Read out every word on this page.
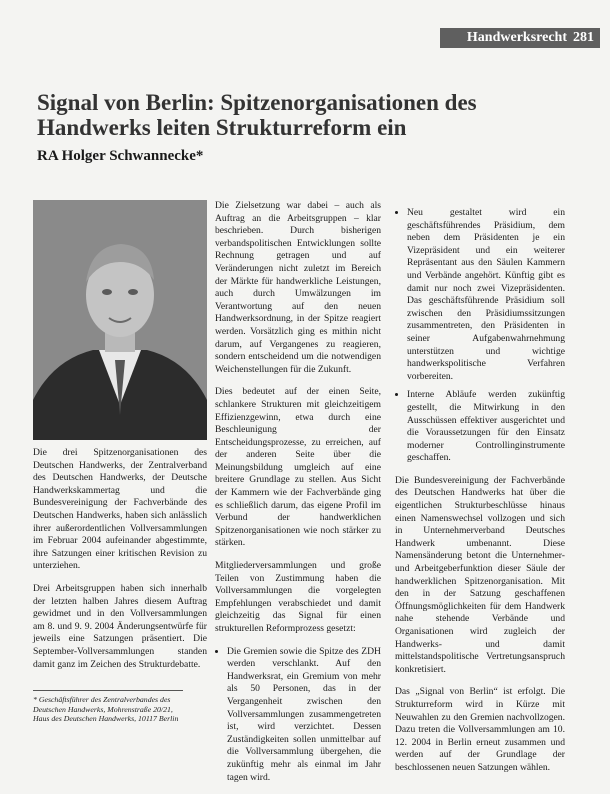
Handwerksrecht 281
Signal von Berlin: Spitzenorganisationen des Handwerks leiten Strukturreform ein
RA Holger Schwannecke*

Die drei Spitzenorganisationen des Deutschen Handwerks, der Zentralverband des Deutschen Handwerks, der Deutsche Handwerkskammertag und die Bundesvereinigung der Fachverbände des Deutschen Handwerks, haben sich anlässlich ihrer außerordentlichen Vollversammlungen im Februar 2004 aufeinander abgestimmte, ihre Satzungen einer kritischen Revision zu unterziehen.

Drei Arbeitsgruppen haben sich innerhalb der letzten halben Jahres diesem Auftrag gewidmet und in den Vollversammlungen am 8. und 9. 9. 2004 Änderungsentwürfe für jeweils eine Satzungen präsentiert. Die September-Vollversammlungen standen damit ganz im Zeichen des Strukturdebatte.

Die Zielsetzung war dabei – auch als Auftrag an die Arbeitsgruppen – klar beschrieben. Durch bisherigen verbandspolitischen Entwicklungen sollte Rechnung getragen und auf Veränderungen nicht zuletzt im Bereich der Märkte für handwerkliche Leistungen, auch durch Umwälzungen im Verantwortung auf den neuen Handwerksordnung, in der Spitze reagiert werden. Vorsätzlich ging es mithin nicht darum, auf Vergangenes zu reagieren, sondern entscheidend um die notwendigen Weichenstellungen für die Zukunft.

Dies bedeutet auf der einen Seite, schlankere Strukturen mit gleichzeitigem Effizienzgewinn, etwa durch eine Beschleunigung der Entscheidungsprozesse, zu erreichen, auf der anderen Seite über die Meinungsbildung umgleich auf eine breitere Grundlage zu stellen. Aus Sicht der Kammern wie der Fachverbände ging es schließlich darum, das eigene Profil im Verbund der handwerklichen Spitzenorganisationen wie noch stärker zu stärken.

Mitgliederversammlungen und große Teilen von Zustimmung haben die Vollversammlungen die vorgelegten Empfehlungen verabschiedet und damit gleichzeitig das Signal für einen strukturellen Reformprozess gesetzt:

• Die Gremien sowie die Spitze des ZDH werden verschlankt. Auf den Handwerksrat, ein Gremium von mehr als 50 Personen, das in der Vergangenheit zwischen den Vollversammlungen zusammengetreten ist, wird verzichtet. Dessen Zuständigkeiten sollen unmittelbar auf die Vollversammlung übergehen, die zukünftig mehr als einmal im Jahr tagen wird.
• Neu gestaltet wird ein geschäftsführendes Präsidium, dem neben dem Präsidenten je ein Vizepräsident und ein weiterer Repräsentant aus den Säulen Kammern und Verbände angehört. Künftig gibt es damit nur noch zwei Vizepräsidenten. Das geschäftsführende Präsidium soll zwischen den Präsidiumssitzungen zusammentreten, den Präsidenten in seiner Aufgabenwahrnehmung unterstützen und wichtige handwerkspolitische Verfahren vorbereiten.
• Interne Abläufe werden zukünftig gestellt, die Mitwirkung in den Ausschüssen effektiver ausgerichtet und die Voraussetzungen für den Einsatz moderner Controllinginstrumente geschaffen.

Die Bundesvereinigung der Fachverbände des Deutschen Handwerks hat über die eigentlichen Strukturbeschlüsse hinaus einen Namenswechsel vollzogen und sich in Unternehmerverband Deutsches Handwerk umbenannt. Diese Namensänderung betont die Unternehmer- und Arbeitgeberfunktion dieser Säule der handwerklichen Spitzenorganisation. Mit den in der Satzung geschaffenen Öffnungsmöglichkeiten für dem Handwerk nahe stehende Verbände und Organisationen wird zugleich der Handwerks- und damit mittelstandspolitische Vertretungsanspruch konkretisiert.

Das „Signal von Berlin“ ist erfolgt. Die Strukturreform wird in Kürze mit Neuwahlen zu den Gremien nachvollzogen. Dazu treten die Vollversammlungen am 10. 12. 2004 in Berlin erneut zusammen und werden auf der Grundlage der beschlossenen neuen Satzungen wählen.

* Geschäftsführer des Zentralverbandes des Deutschen Handwerks, Mohrenstraße 20/21, Haus des Deutschen Handwerks, 10117 Berlin
